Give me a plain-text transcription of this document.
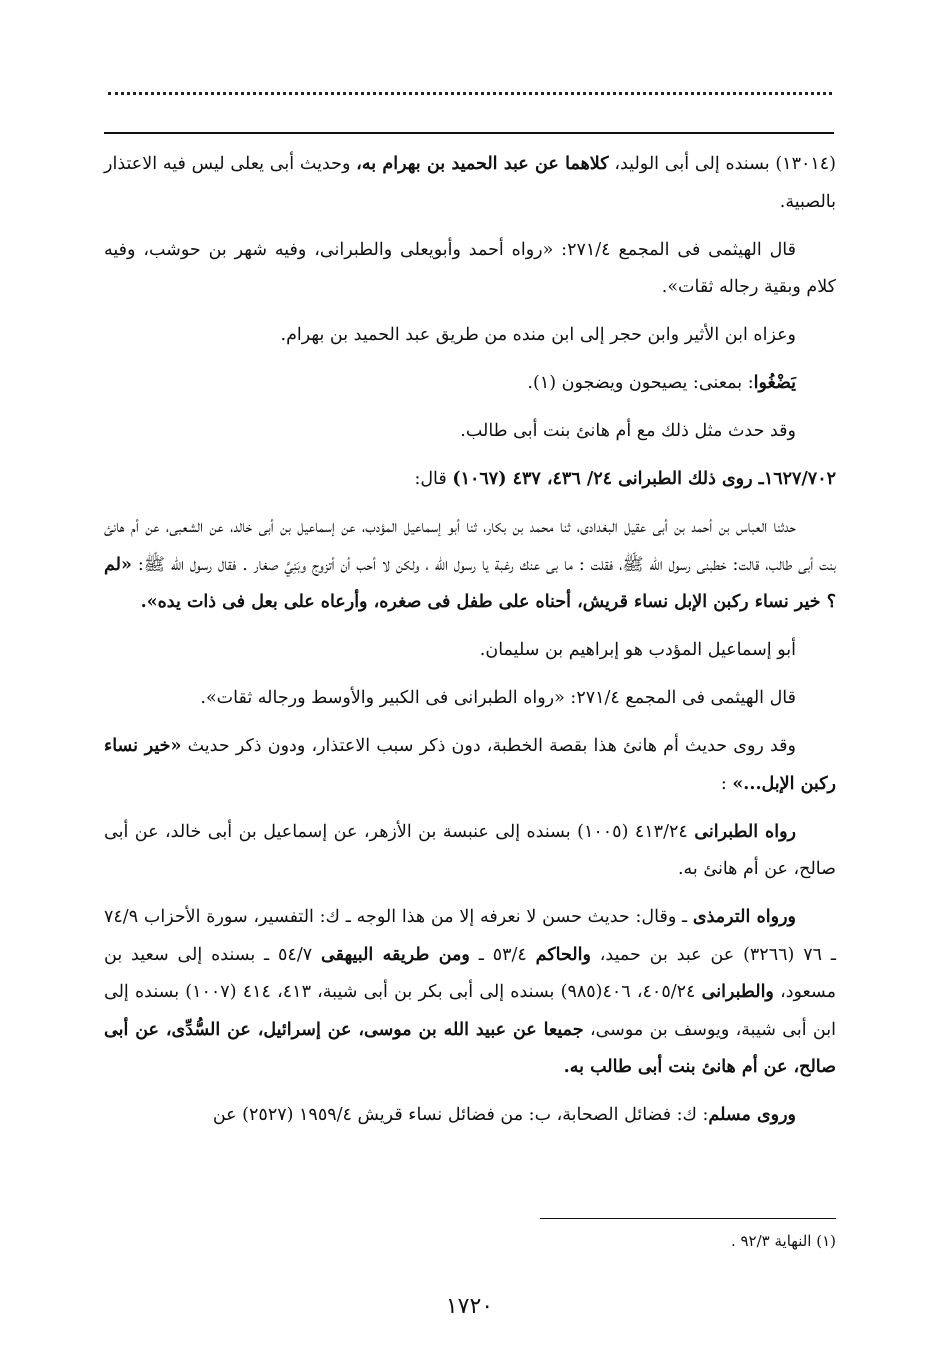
(١٣٠١٤) بسنده إلى أبى الوليد، كلاهما عن عبد الحميد بن بهرام به، وحديث أبى يعلى ليس فيه الاعتذار بالصبية.

قال الهيثمى فى المجمع ٢٧١/٤: «رواه أحمد وأبويعلى والطبرانى، وفيه شهر بن حوشب، وفيه كلام وبقية رجاله ثقات».

وعزاه ابن الأثير وابن حجر إلى ابن منده من طريق عبد الحميد بن بهرام.

يَضْغُوا: بمعنى: يصيحون ويضجون (١).

وقد حدث مثل ذلك مع أم هانئ بنت أبى طالب.

١٦٢٧/٧٠٢ـ روى ذلك الطبرانى ٢٤/ ٤٣٦، ٤٣٧ (١٠٦٧) قال:

حدثنا العباس بن أحمد بن أبى عقيل البغدادى، ثنا محمد بن بكار، ثنا أبو إسماعيل المؤدب، عن إسماعيل بن أبى خالد، عن الشعبى، عن أم هانئ بنت أبى طالب، قالت: خطبنى رسول الله ﷺ، فقلت : ما بى عنك رغبة يا رسول الله ، ولكن لا أحب أن أتزوج وبَنِيَّ صغار . فقال رسول الله ﷺ: «لم ؟ خير نساء ركبن الإبل نساء قريش، أحناه على طفل فى صغره، وأرعاه على بعل فى ذات يده».

أبو إسماعيل المؤدب هو إبراهيم بن سليمان.

قال الهيثمى فى المجمع ٢٧١/٤: «رواه الطبرانى فى الكبير والأوسط ورجاله ثقات».

وقد روى حديث أم هانئ هذا بقصة الخطبة، دون ذكر سبب الاعتذار، ودون ذكر حديث «خير نساء ركبن الإبل...» :

رواه الطبرانى ٤١٣/٢٤ (١٠٠٥) بسنده إلى عنبسة بن الأزهر، عن إسماعيل بن أبى خالد، عن أبى صالح، عن أم هانئ به.

ورواه الترمذى ـ وقال: حديث حسن لا نعرفه إلا من هذا الوجه ـ ك: التفسير، سورة الأحزاب ٧٤/٩ ـ ٧٦ (٣٢٦٦) عن عبد بن حميد، والحاكم ٥٣/٤ ـ ومن طريقه البيهقى ٥٤/٧ ـ بسنده إلى سعيد بن مسعود، والطبرانى ٤٠٥/٢٤، ٤٠٦(٩٨٥) بسنده إلى أبى بكر بن أبى شيبة، ٤١٣، ٤١٤ (١٠٠٧) بسنده إلى ابن أبى شيبة، ويوسف بن موسى، جميعا عن عبيد الله بن موسى، عن إسرائيل، عن السُّدِّى، عن أبى صالح، عن أم هانئ بنت أبى طالب به.

وروى مسلم: ك: فضائل الصحابة، ب: من فضائل نساء قريش ١٩٥٩/٤ (٢٥٢٧) عن

(١) النهاية ٩٢/٣ .
١٧٢٠
